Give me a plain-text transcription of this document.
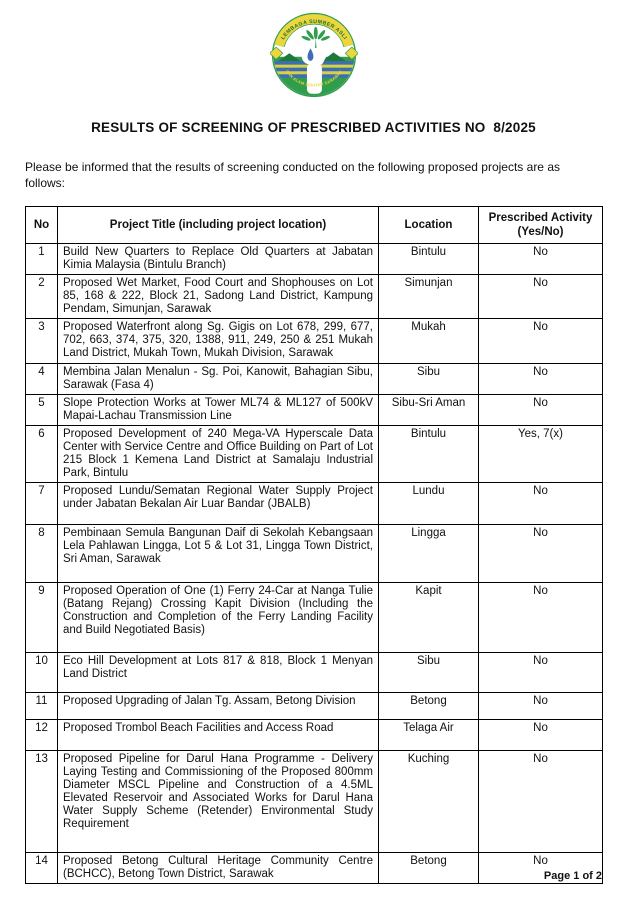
LEMBAGA SUMBER ASLI
DAN ALAM SEKITAR SARAWAK
RESULTS OF SCREENING OF PRESCRIBED ACTIVITIES NO  8/2025

Please be informed that the results of screening conducted on the following proposed projects are as follows:

No	Project Title (including project location)	Location	Prescribed Activity (Yes/No)
1	Build New Quarters to Replace Old Quarters at Jabatan Kimia Malaysia (Bintulu Branch)	Bintulu	No
2	Proposed Wet Market, Food Court and Shophouses on Lot 85, 168 & 222, Block 21, Sadong Land District, Kampung Pendam, Simunjan, Sarawak	Simunjan	No
3	Proposed Waterfront along Sg. Gigis on Lot 678, 299, 677, 702, 663, 374, 375, 320, 1388, 911, 249, 250 & 251 Mukah Land District, Mukah Town, Mukah Division, Sarawak	Mukah	No
4	Membina Jalan Menalun - Sg. Poi, Kanowit, Bahagian Sibu, Sarawak (Fasa 4)	Sibu	No
5	Slope Protection Works at Tower ML74 & ML127 of 500kV Mapai-Lachau Transmission Line	Sibu-Sri Aman	No
6	Proposed Development of 240 Mega-VA Hyperscale Data Center with Service Centre and Office Building on Part of Lot 215 Block 1 Kemena Land District at Samalaju Industrial Park, Bintulu	Bintulu	Yes, 7(x)
7	Proposed Lundu/Sematan Regional Water Supply Project under Jabatan Bekalan Air Luar Bandar (JBALB)	Lundu	No
8	Pembinaan Semula Bangunan Daif di Sekolah Kebangsaan Lela Pahlawan Lingga, Lot 5 & Lot 31, Lingga Town District, Sri Aman, Sarawak	Lingga	No
9	Proposed Operation of One (1) Ferry 24-Car at Nanga Tulie (Batang Rejang) Crossing Kapit Division (Including the Construction and Completion of the Ferry Landing Facility and Build Negotiated Basis)	Kapit	No
10	Eco Hill Development at Lots 817 & 818, Block 1 Menyan Land District	Sibu	No
11	Proposed Upgrading of Jalan Tg. Assam, Betong Division	Betong	No
12	Proposed Trombol Beach Facilities and Access Road	Telaga Air	No
13	Proposed Pipeline for Darul Hana Programme - Delivery Laying Testing and Commissioning of the Proposed 800mm Diameter MSCL Pipeline and Construction of a 4.5ML Elevated Reservoir and Associated Works for Darul Hana Water Supply Scheme (Retender) Environmental Study Requirement	Kuching	No
14	Proposed Betong Cultural Heritage Community Centre (BCHCC), Betong Town District, Sarawak	Betong	No
Page 1 of 2
